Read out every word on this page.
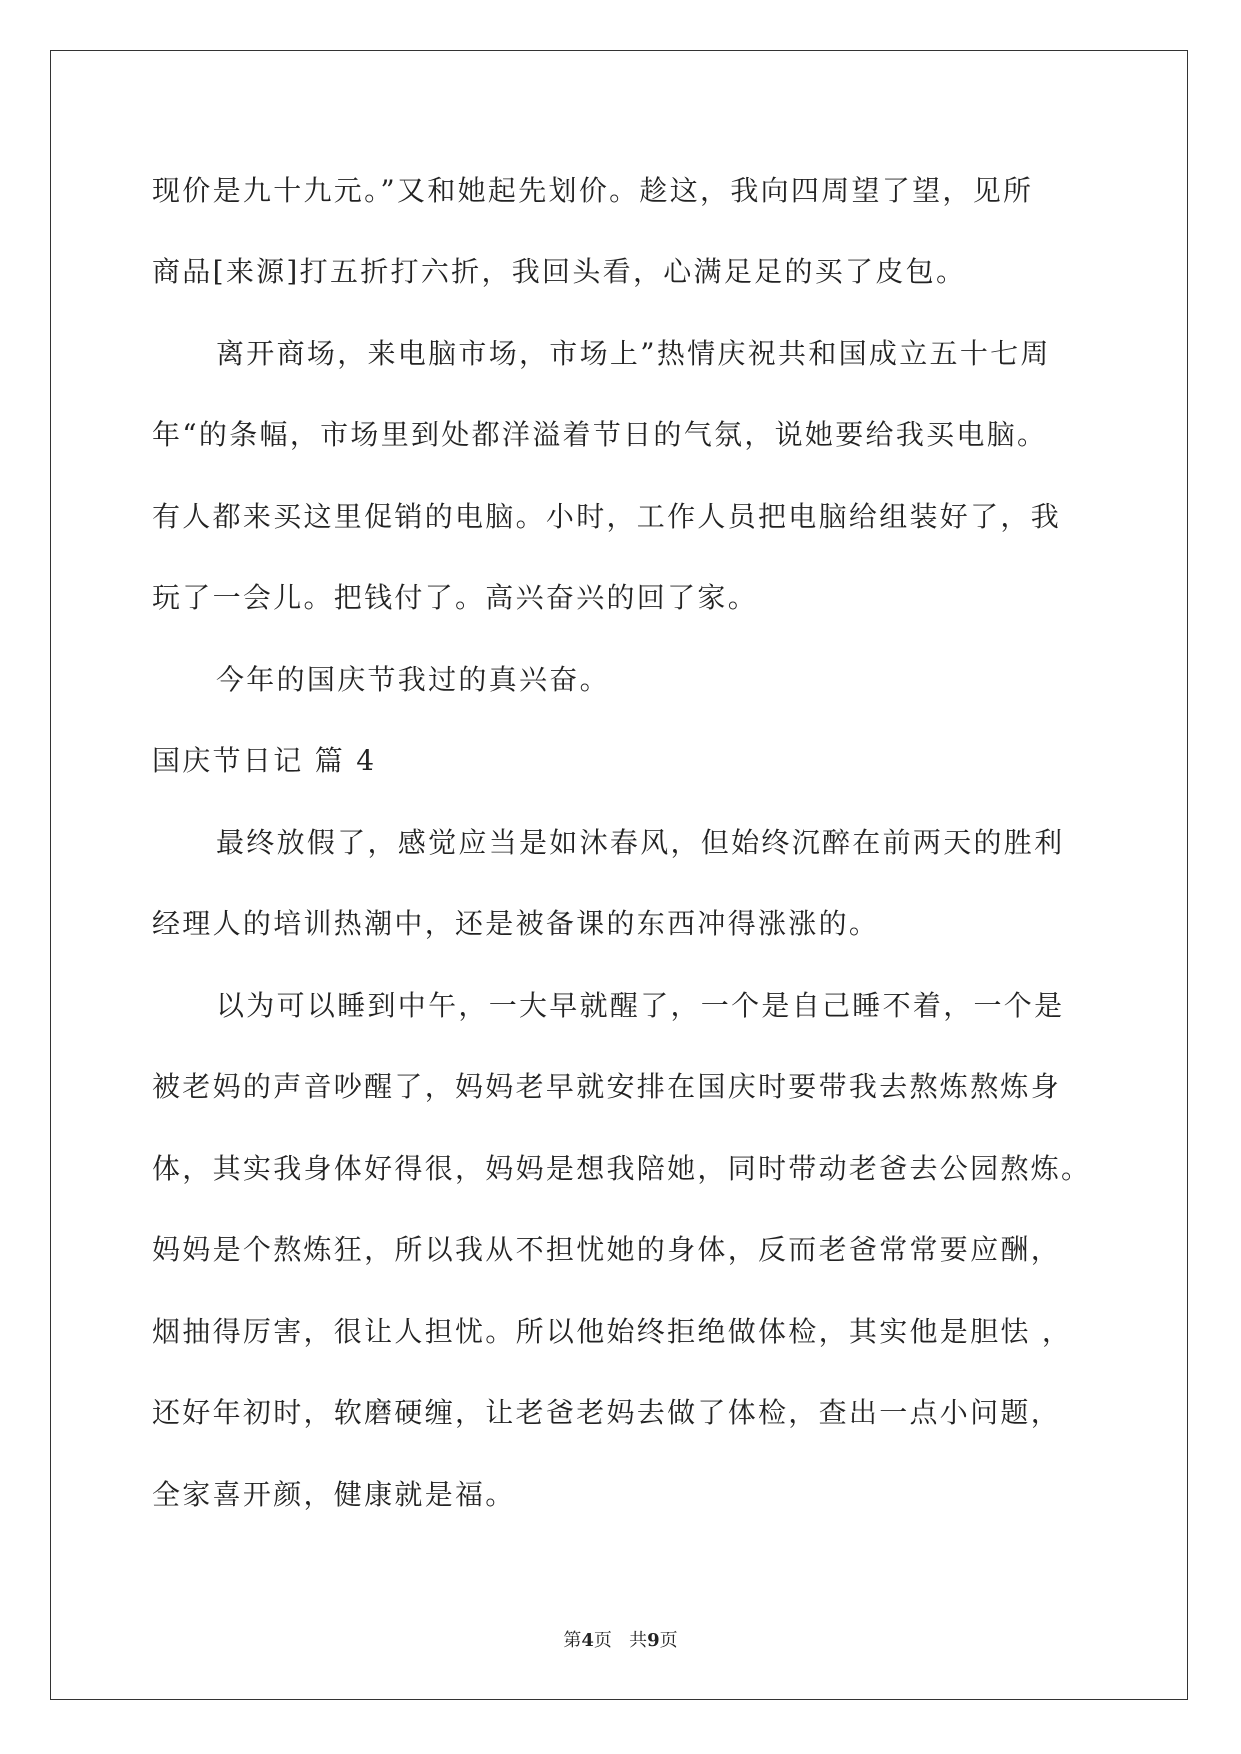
现价是九十九元。”又和她起先划价。趁这，我向四周望了望，见所
商品[来源]打五折打六折，我回头看，心满足足的买了皮包。
离开商场，来电脑市场，市场上”热情庆祝共和国成立五十七周
年“的条幅，市场里到处都洋溢着节日的气氛，说她要给我买电脑。
有人都来买这里促销的电脑。小时，工作人员把电脑给组装好了，我
玩了一会儿。把钱付了。高兴奋兴的回了家。
今年的国庆节我过的真兴奋。
国庆节日记 篇 4
最终放假了，感觉应当是如沐春风，但始终沉醉在前两天的胜利
经理人的培训热潮中，还是被备课的东西冲得涨涨的。
以为可以睡到中午，一大早就醒了，一个是自己睡不着，一个是
被老妈的声音吵醒了，妈妈老早就安排在国庆时要带我去熬炼熬炼身
体，其实我身体好得很，妈妈是想我陪她，同时带动老爸去公园熬炼。
妈妈是个熬炼狂，所以我从不担忧她的身体，反而老爸常常要应酬，
烟抽得厉害，很让人担忧。所以他始终拒绝做体检，其实他是胆怯 ，
还好年初时，软磨硬缠，让老爸老妈去做了体检，查出一点小问题，
全家喜开颜，健康就是福。
第4页   共9页
